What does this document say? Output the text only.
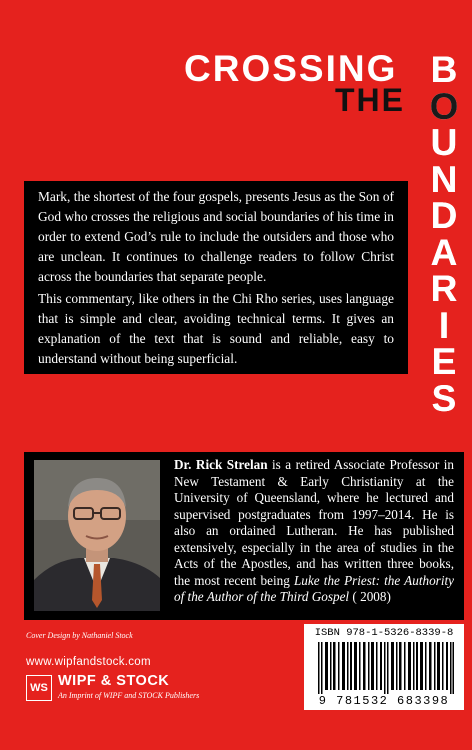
CROSSING
THE
B
O
U
N
D
A
R
I
E
S

Mark, the shortest of the four gospels, presents Jesus as the Son of God who crosses the religious and social boundaries of his time in order to extend God’s rule to include the outsiders and those who are unclean. It continues to challenge readers to follow Christ across the boundaries that separate people.

This commentary, like others in the Chi Rho series, uses language that is simple and clear, avoiding technical terms. It gives an explanation of the text that is sound and reliable, easy to understand without being superficial.

Dr. Rick Strelan is a retired Associate Professor in New Testament & Early Christianity at the University of Queensland, where he lectured and supervised postgraduates from 1997–2014. He is also an ordained Lutheran. He has published extensively, especially in the area of studies in the Acts of the Apostles, and has written three books, the most recent being Luke the Priest: the Authority of the Author of the Third Gospel ( 2008)
Cover Design by Nathaniel Stock
www.wipfandstock.com
WS WIPF & STOCK
An Imprint of WIPF and STOCK Publishers
ISBN 978-1-5326-8339-8
9 781532 683398
